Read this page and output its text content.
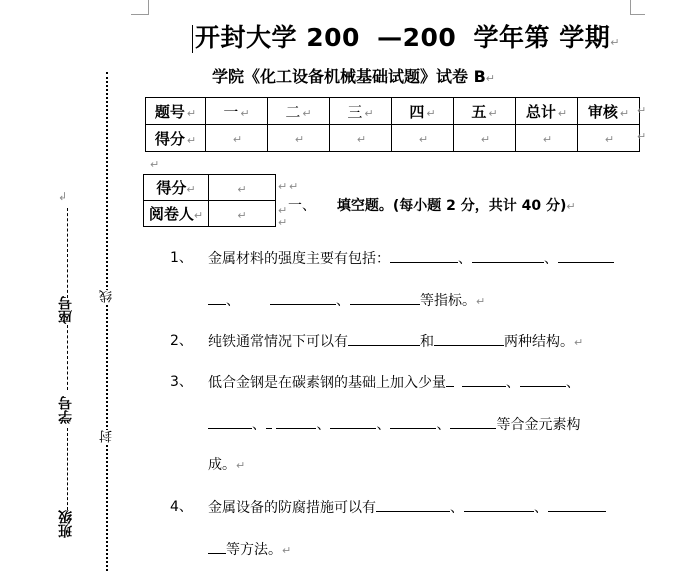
开封大学 200 —200 学年第 学期↵
学院《化工设备机械基础试题》试卷 B↵
题号 ↵	一 ↵	二 ↵	三 ↵	四 ↵	五 ↵	总计 ↵	审核 ↵
得分 ↵	↵	↵	↵	↵	↵	↵	↵
↵
↵
↵
得分↵	↵
阅卷人↵	↵
↵ ↵
↵
↵
一、 填空题。(每小题 2 分，共计 40 分)↵
1、 金属材料的强度主要有包括：	、	、
、	、	等指标。↵
2、 纯铁通常情况下可以有	和	两种结构。↵
3、 低合金钢是在碳素钢的基础上加入少量	、	、
、	、	、	、	等合金元素构
成。↵
4、 金属设备的防腐措施可以有	、	、
等方法。↵
线
封
座号
学号
班级
↲
